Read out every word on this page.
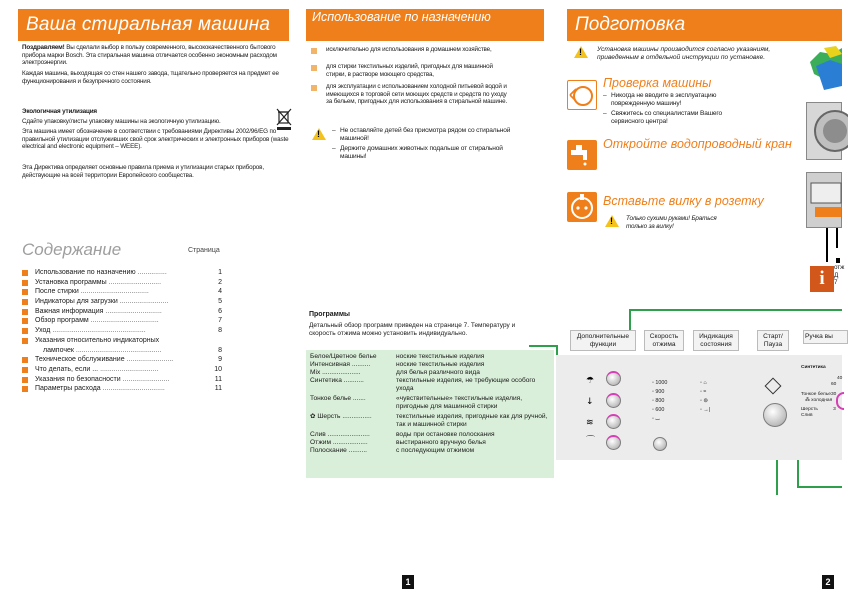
Ваша стиральная машина
Поздравляем! Вы сделали выбор в пользу современного, высококачественного бытового прибора марки Bosch. Эта стиральная машина отличается особенно экономным расходом электроэнергии.
Каждая машина, выходящая со стен нашего завода, тщательно проверяется на предмет ее функционирования и безупречного состояния.
Экологичная утилизация
Сдайте упаковку/листы упаковку машины на экологичную утилизацию.
Эта машина имеет обозначение в соответствии с требованиями Директивы 2002/96/EG по правильной утилизации отслуживших свой срок электрических и электронных приборов (waste electrical and electronic equipment – WEEE).
Эта Директива определяет основные правила приема и утилизации старых приборов, действующие на всей территории Европейского сообщества.
Содержание	Страница
Использование по назначению ...............	1
Установка программы ...........................	2
После стирки ...................................	4
Индикаторы для загрузки .........................	5
Важная информация .............................	6
Обзор программ ...................................	7
Уход ................................................	8
Указания относительно индикаторных
лампочек ............................................	8
Техническое обслуживание ........................	9
Что делать, если ... ..............................	10
Указания по безопасности ........................	11
Параметры расхода ................................	11
1
Использование по назначению
исключительно для использования в домашнем хозяйстве,
для стирки текстильных изделий, пригодных для машинной стирки, в растворе моющего средства,
для эксплуатации с использованием холодной питьевой водой и имеющихся в торговой сети моющих средств и средств по уходу за бельем, пригодных для использования в стиральной машине.
!
– Не оставляйте детей без присмотра рядом со стиральной машиной!
– Держите домашних животных подальше от стиральной машины!
Программы
Детальный обзор программ приведен на странице 7. Температуру и скорость отжима можно установить индивидуально.
Белое/Цветное белье	ноские текстильные изделия
Интенсивная ..........	ноские текстильные изделия
Mix .....................	для белья различного вида
Синтетика ...........	текстильные изделия, не требующие особого ухода
Тонкое белье .......	«чувствительные» текстильные изделия, пригодные для машинной стирки
✿ Шерсть ................	текстильные изделия, пригодные как для ручной, так и машинной стирки
Слив .......................	воды при остановке полоскания
Отжим ...................	выстиранного вручную белья
Полоскание ..........	с последующим отжимом
Подготовка
!
Установка машины производится согласно указаниям, приведенным в отдельной инструкции по установке.
Проверка машины
– Никогда не вводите в эксплуатацию поврежденную машину!
– Свяжитесь со специалистами Вашего сервисного центра!
Откройте водопроводный кран
Вставьте вилку в розетку
!
Только сухими руками! Браться только за вилку!
отж
Д
7
i
Дополнительные функции
Скорость отжима
Индикация состояния
Старт/ Пауза
Ручка вы
☂
↓
≋
⌒
◦ 1000
◦ 900
◦ 800
◦ 600
◦ ⌴
◦ ⌂
◦ ≈
◦ ⊚
◦ →|
Синтетика
40
60
Тонкое белье 30
⁂ холодная
Шерсть	3
Слив
2
